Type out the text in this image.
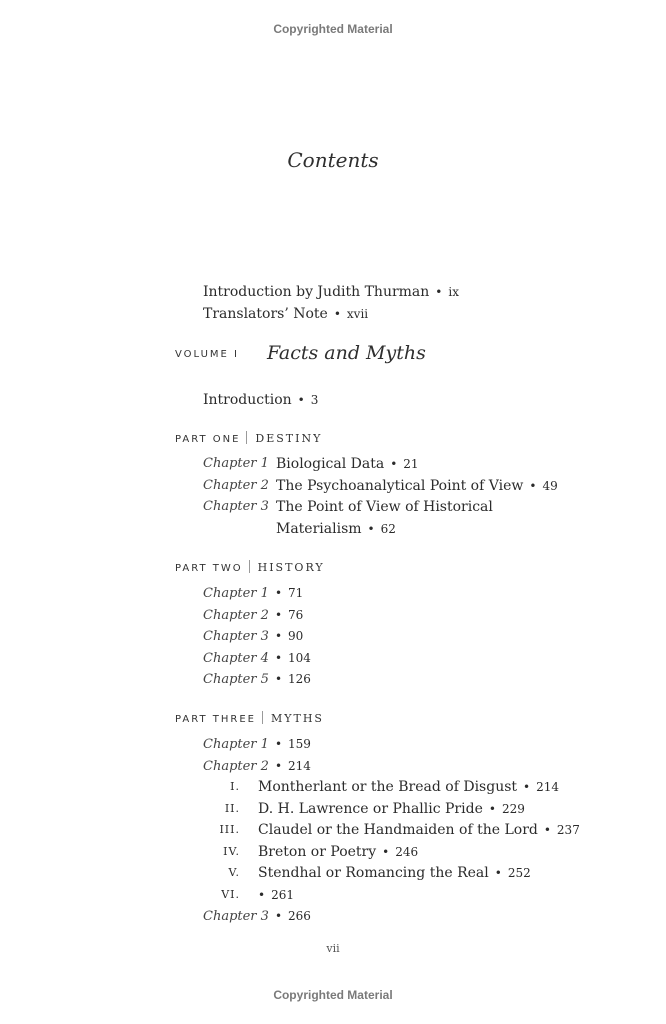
Copyrighted Material
Contents
Introduction by Judith Thurman • ix
Translators’ Note • xvii
VOLUME I Facts and Myths
Introduction • 3
PART ONE DESTINY
Chapter 1 Biological Data • 21
Chapter 2 The Psychoanalytical Point of View • 49
Chapter 3 The Point of View of Historical
Materialism • 62
PART TWO HISTORY
Chapter 1 • 71
Chapter 2 • 76
Chapter 3 • 90
Chapter 4 • 104
Chapter 5 • 126
PART THREE MYTHS
Chapter 1 • 159
Chapter 2 • 214
I. Montherlant or the Bread of Disgust • 214
II. D. H. Lawrence or Phallic Pride • 229
III. Claudel or the Handmaiden of the Lord • 237
IV. Breton or Poetry • 246
V. Stendhal or Romancing the Real • 252
VI. • 261
Chapter 3 • 266
vii
Copyrighted Material
